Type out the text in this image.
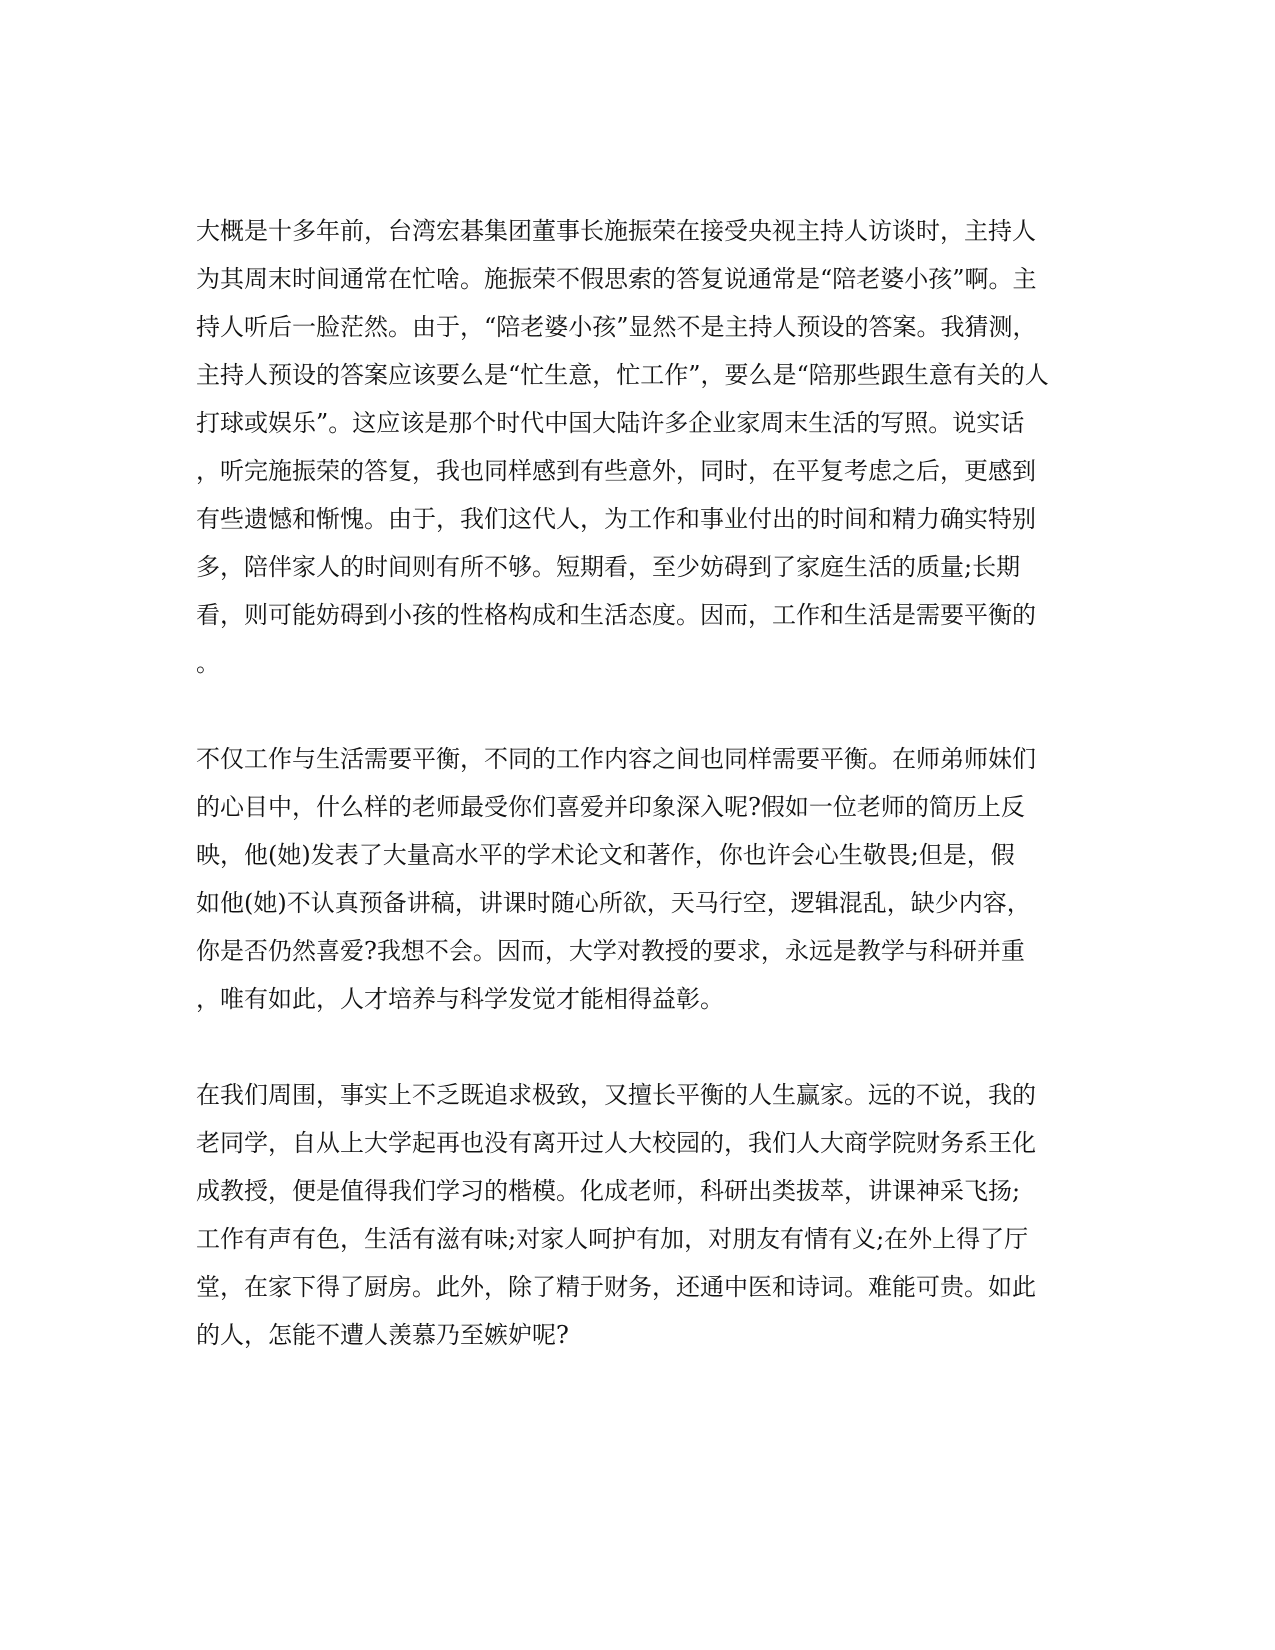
大概是十多年前，台湾宏碁集团董事长施振荣在接受央视主持人访谈时，主持人
为其周末时间通常在忙啥。施振荣不假思索的答复说通常是“陪老婆小孩”啊。主
持人听后一脸茫然。由于，“陪老婆小孩”显然不是主持人预设的答案。我猜测，
主持人预设的答案应该要么是“忙生意，忙工作”，要么是“陪那些跟生意有关的人
打球或娱乐”。这应该是那个时代中国大陆许多企业家周末生活的写照。说实话
，听完施振荣的答复，我也同样感到有些意外，同时，在平复考虑之后，更感到
有些遗憾和惭愧。由于，我们这代人，为工作和事业付出的时间和精力确实特别
多，陪伴家人的时间则有所不够。短期看，至少妨碍到了家庭生活的质量;长期
看，则可能妨碍到小孩的性格构成和生活态度。因而，工作和生活是需要平衡的
。

不仅工作与生活需要平衡，不同的工作内容之间也同样需要平衡。在师弟师妹们
的心目中，什么样的老师最受你们喜爱并印象深入呢?假如一位老师的简历上反
映，他(她)发表了大量高水平的学术论文和著作，你也许会心生敬畏;但是，假
如他(她)不认真预备讲稿，讲课时随心所欲，天马行空，逻辑混乱，缺少内容，
你是否仍然喜爱?我想不会。因而，大学对教授的要求，永远是教学与科研并重
，唯有如此，人才培养与科学发觉才能相得益彰。

在我们周围，事实上不乏既追求极致，又擅长平衡的人生赢家。远的不说，我的
老同学，自从上大学起再也没有离开过人大校园的，我们人大商学院财务系王化
成教授，便是值得我们学习的楷模。化成老师，科研出类拔萃，讲课神采飞扬;
工作有声有色，生活有滋有味;对家人呵护有加，对朋友有情有义;在外上得了厅
堂，在家下得了厨房。此外，除了精于财务，还通中医和诗词。难能可贵。如此
的人，怎能不遭人羡慕乃至嫉妒呢?
